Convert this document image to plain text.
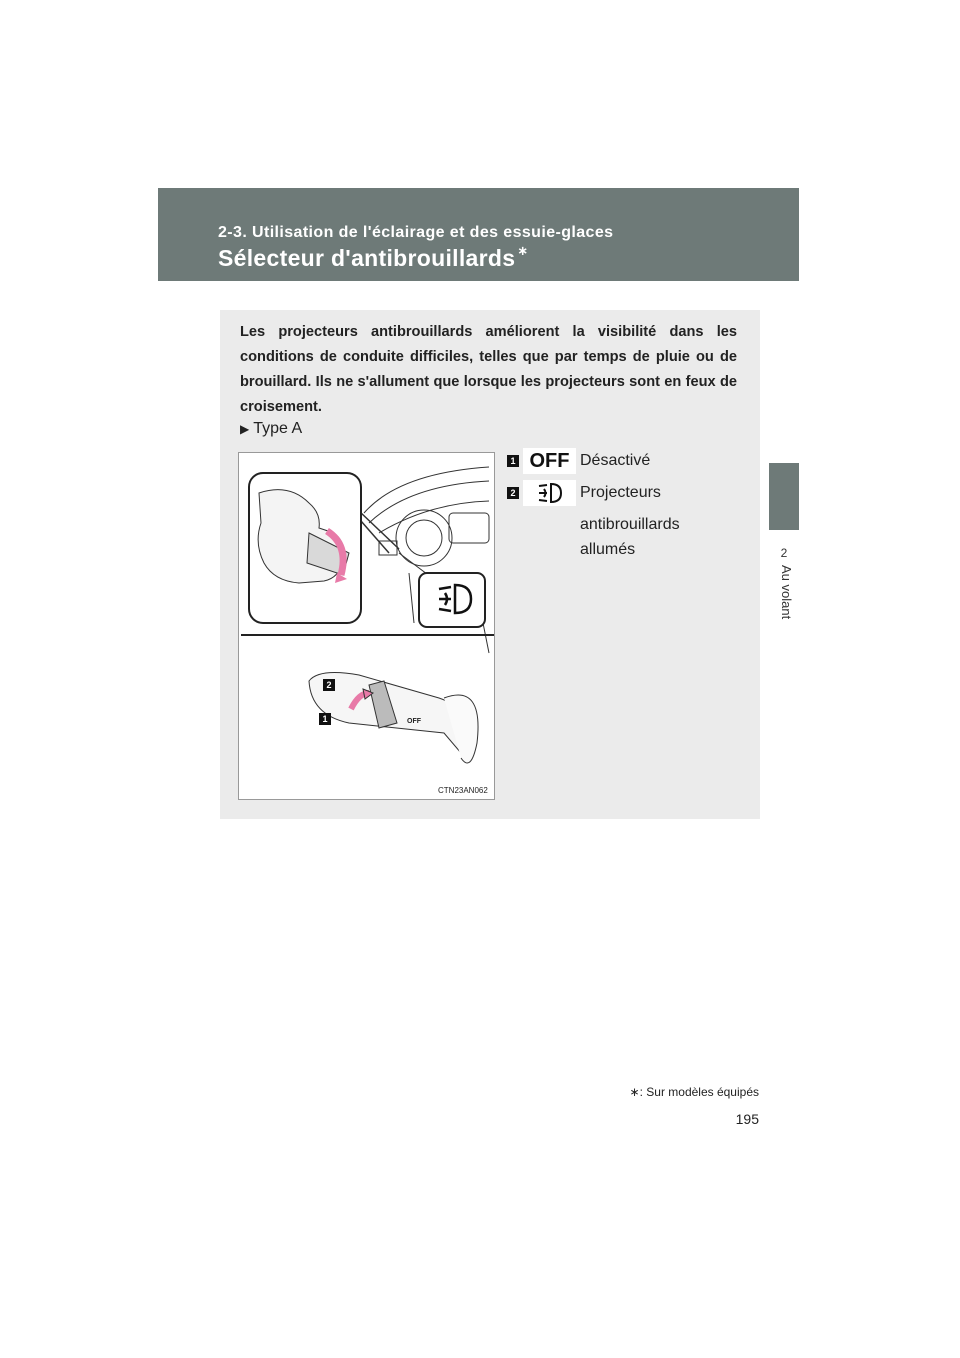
2-3. Utilisation de l'éclairage et des essuie-glaces
Sélecteur d'antibrouillards ∗
2
Au volant
Les projecteurs antibrouillards améliorent la visibilité dans les conditions de conduite difficiles, telles que par temps de pluie ou de brouillard. Ils ne s'allument que lorsque les projecteurs sont en feux de croisement.
▶ Type A
OFF
2
1
CTN23AN062
1 OFF Désactivé
2	Projecteurs
antibrouillards
allumés
∗: Sur modèles équipés
195
